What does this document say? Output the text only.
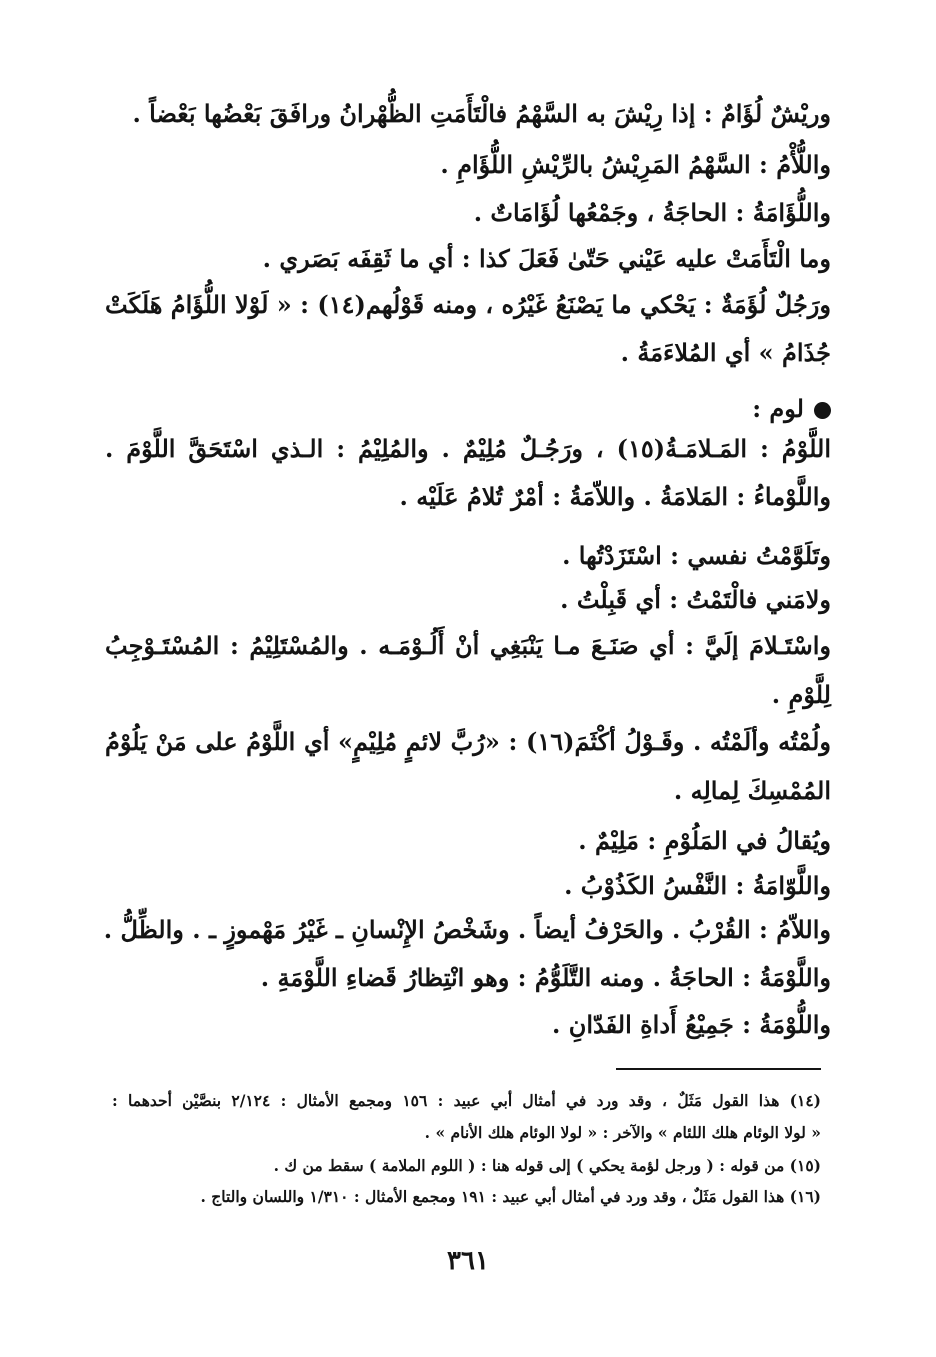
وريْشٌ لُؤَامٌ : إذا رِيْشَ به السَّهْمُ فالْتَأَمَتِ الظُّهْرانُ ورافَقَ بَعْضُها بَعْضاً .
واللُّأْمُ : السَّهْمُ المَرِيْشُ بالرِّيْشِ اللُّؤَامِ .
واللُّؤَامَةُ : الحاجَةُ ، وجَمْعُها لُؤَامَاتٌ .
وما الْتَأَمَتْ عليه عَيْني حَتّىٰ فَعَلَ كذا : أي ما ثَقِفَه بَصَري .
ورَجُلٌ لُؤَمَةٌ : يَحْكي ما يَصْنَعُ غَيْرُه ، ومنه قَوْلُهم(١٤) : « لَوْلا اللُّؤَامُ هَلَكَتْ
جُذَامُ » أي المُلاءَمَةُ .
لوم :
اللَّوْمُ : المَـلامَـةُ(١٥) ، ورَجُـلٌ مُلِيْمٌ . والمُلِيْمُ : الـذي اسْتَحَقَّ اللَّوْمَ .
واللَّوْماءُ : المَلامَةُ . واللاّمَةُ : أمْرٌ تُلامُ عَلَيْه .
وتَلَوَّمْتُ نفسي : اسْتَزَدْتُها .
ولامَني فالْتَمْتُ : أي قَبِلْتُ .
واسْتَـلامَ إلَيَّ : أي صَنَـعَ مـا يَنْبَغِي أنْ أَلُـوْمَـه . والمُسْتَلِيْمُ : المُسْتَـوْجِبُ
لِلَّوْمِ .
ولُمْتُه وألَمْتُه . وقَـوْلُ أكْثَمَ(١٦) : «رُبَّ لائمٍ مُلِيْمٍ» أي اللَّوْمُ على مَنْ يَلُوْمُ
المُمْسِكَ لِمالِه .
ويُقالُ في المَلُوْمِ : مَلِيْمٌ .
واللَّوّامَةُ : النَّفْسُ الكَذُوْبُ .
واللاّمُ : القُرْبُ . والحَرْفُ أيضاً . وشَخْصُ الإِنْسانِ ـ غَيْرُ مَهْموزٍ ـ . والظِّلُّ .
واللَّوْمَةُ : الحاجَةُ . ومنه التَّلَوُّمُ : وهو انْتِظارُ قَضاءِ اللَّوْمَةِ .
واللُّوْمَةُ : جَمِيْعُ أَداةِ الفَدّانِ .
(١٤) هذا القول مَثَلٌ ، وقد ورد في أمثال أبي عبيد : ١٥٦ ومجمع الأمثال : ٢/١٢٤ بنصَّيْن أحدهما :
« لولا الوئام هلك اللئام » والآخر : « لولا الوئام هلك الأنام » .
(١٥) من قوله : ( ورجل لؤمة يحكي ) إلى قوله هنا : ( اللوم الملامة ) سقط من ك .
(١٦) هذا القول مَثَلٌ ، وقد ورد في أمثال أبي عبيد : ١٩١ ومجمع الأمثال : ١/٣١٠ واللسان والتاج .
٣٦١
